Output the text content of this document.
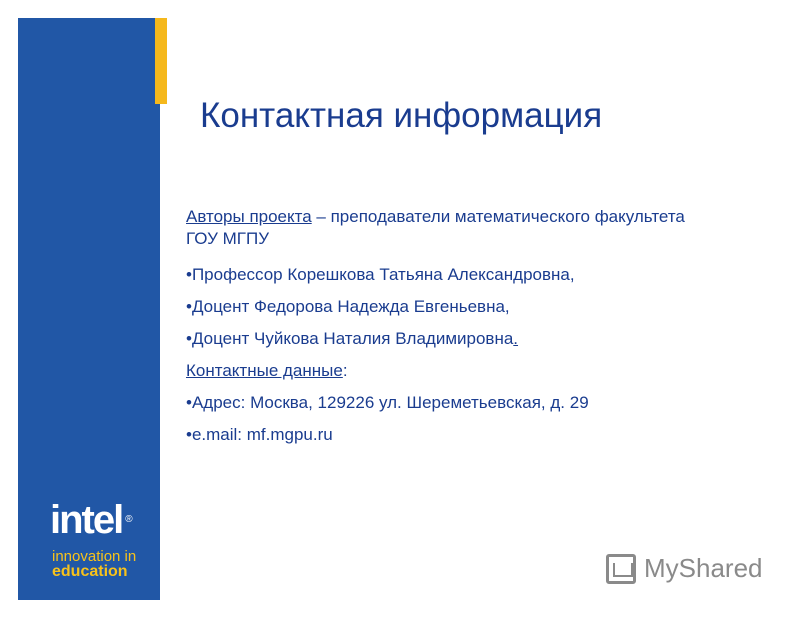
intel ®
innovation in
education
Контактная информация

Авторы проекта – преподаватели математического факультета ГОУ МГПУ

•Профессор Корешкова Татьяна Александровна,

•Доцент Федорова Надежда Евгеньевна,

•Доцент Чуйкова Наталия Владимировна.

Контактные данные:

•Адрес: Москва, 129226 ул. Шереметьевская, д. 29

•e.mail: mf.mgpu.ru

MyShared
